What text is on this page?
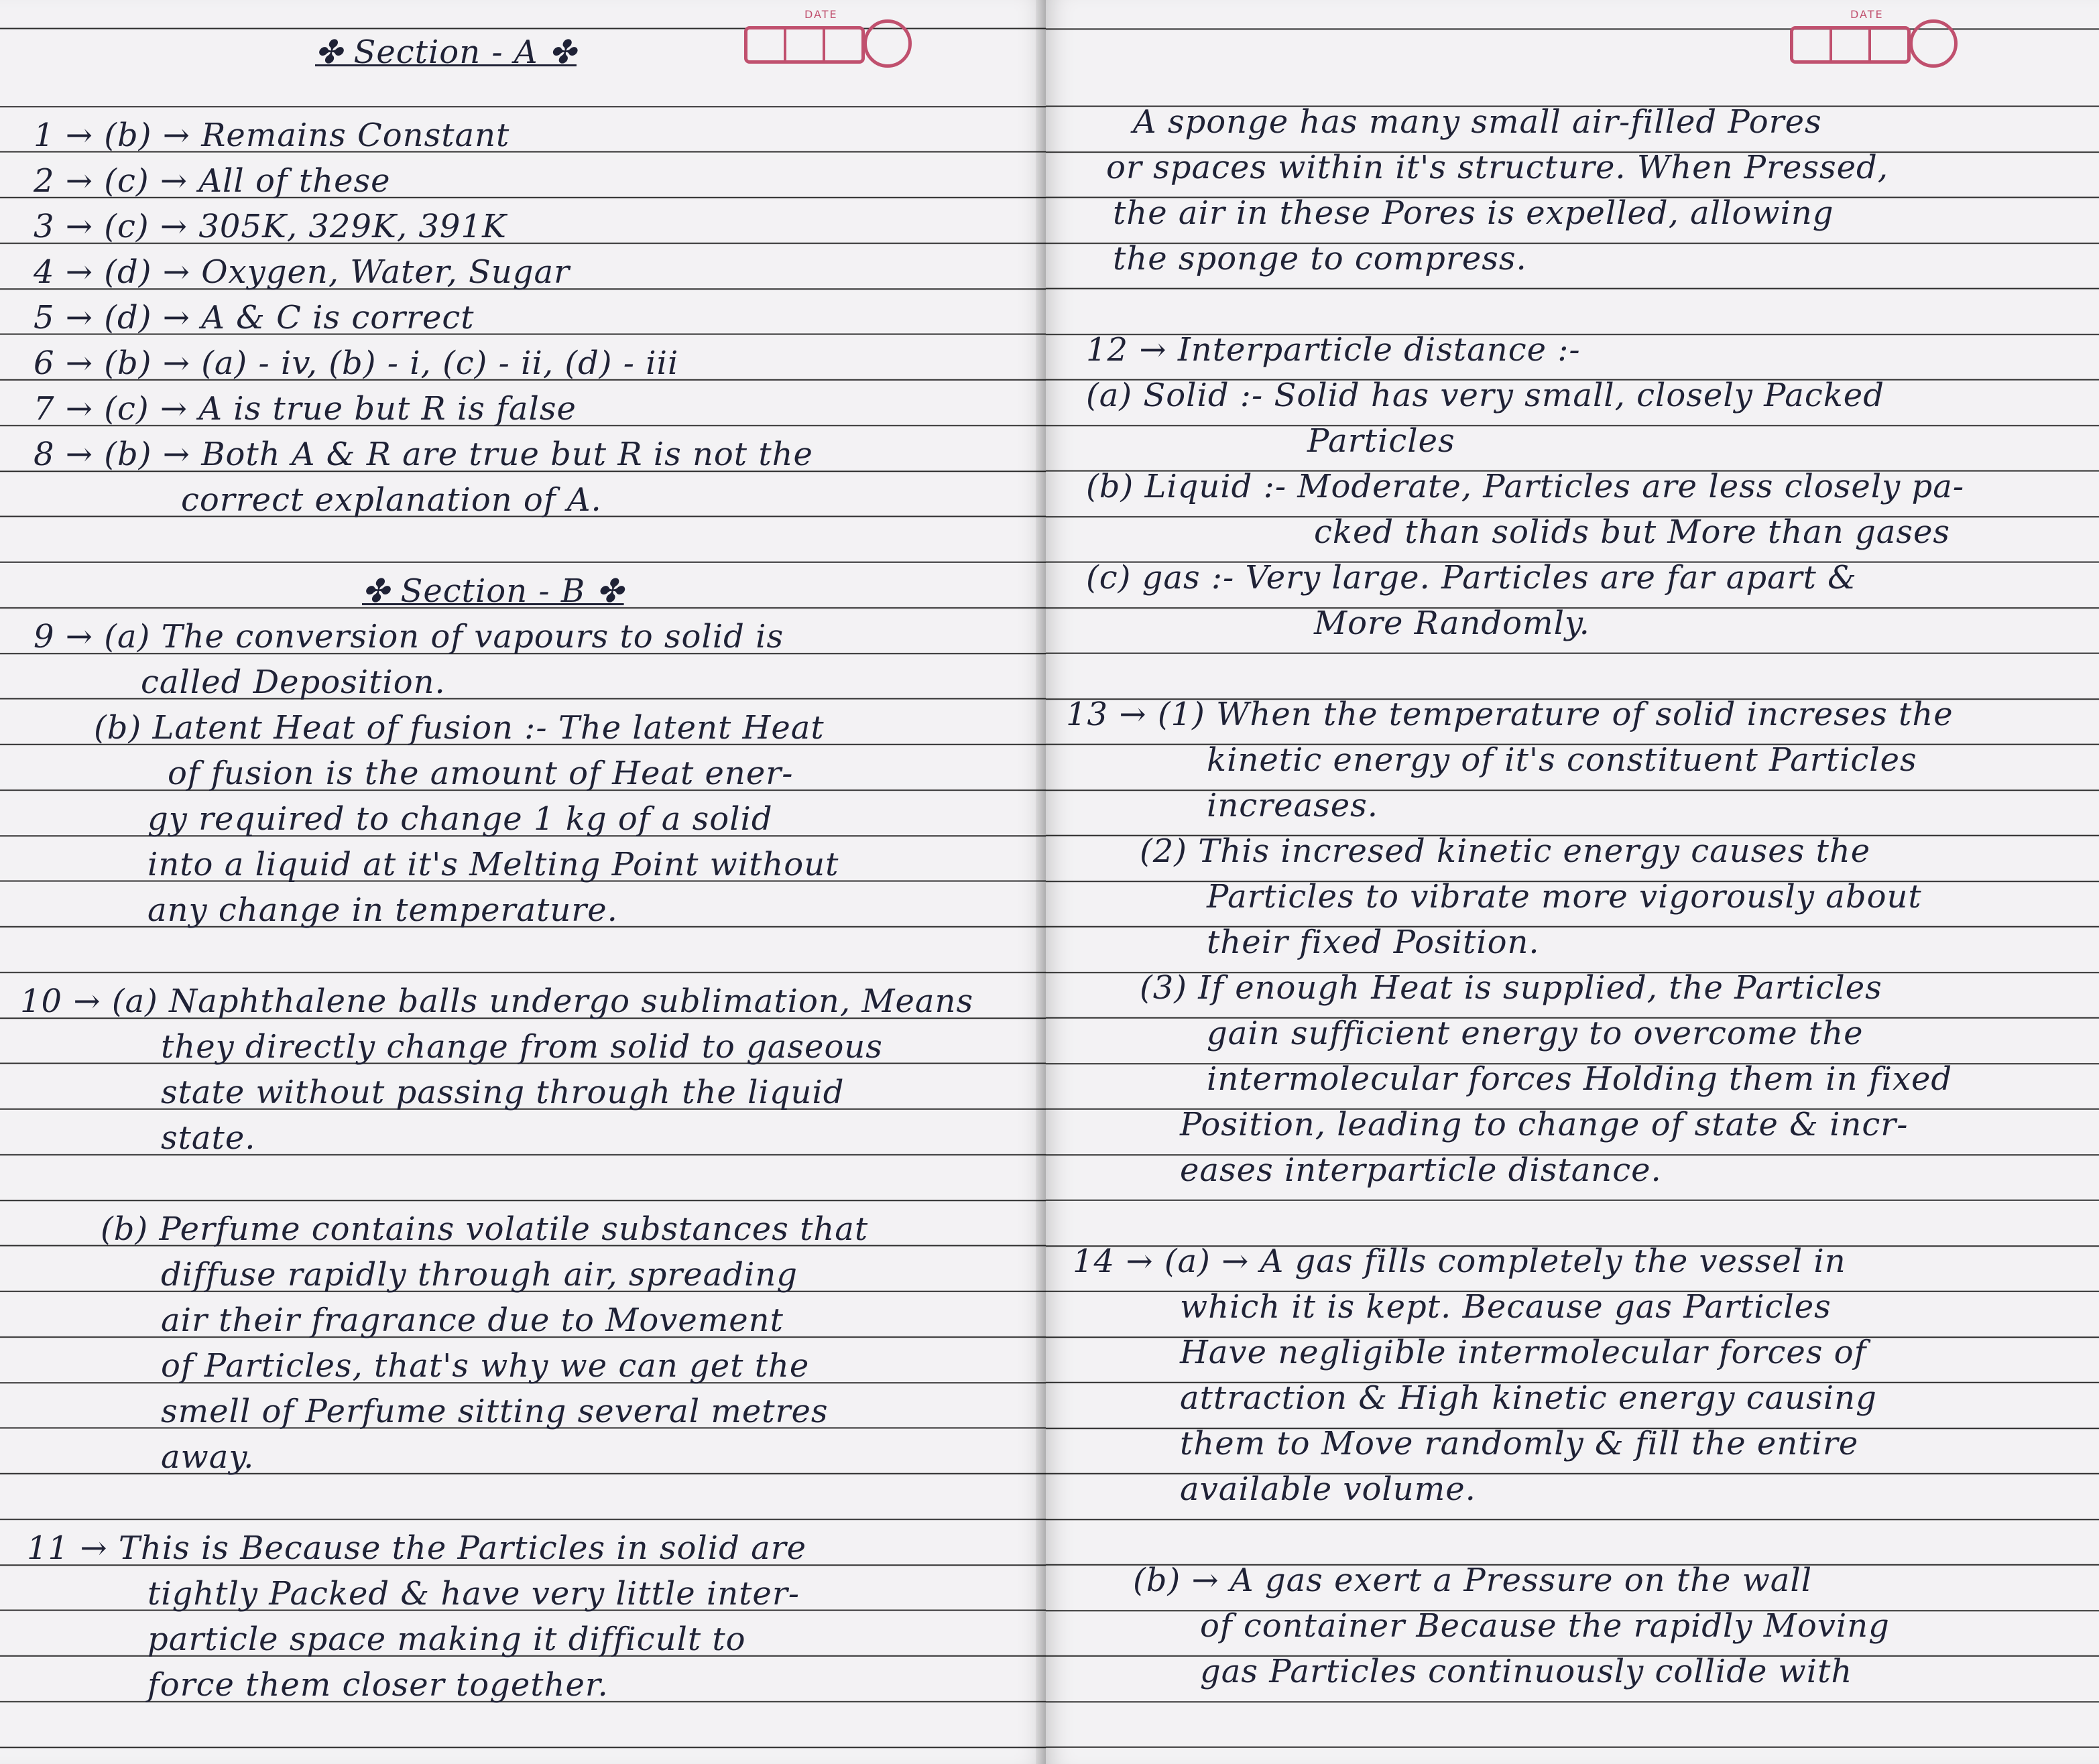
DATE
✤ Section - A ✤
1 → (b) → Remains Constant
2 → (c) → All of these
3 → (c) → 305K, 329K, 391K
4 → (d) → Oxygen, Water, Sugar
5 → (d) → A & C is correct
6 → (b) → (a) - iv, (b) - i, (c) - ii, (d) - iii
7 → (c) → A is true but R is false
8 → (b) → Both A & R are true but R is not the
correct explanation of A.
✤ Section - B ✤
9 → (a) The conversion of vapours to solid is
called Deposition.
(b) Latent Heat of fusion :- The latent Heat
of fusion is the amount of Heat ener-
gy required to change 1 kg of a solid
into a liquid at it's Melting Point without
any change in temperature.
10 → (a) Naphthalene balls undergo sublimation, Means
they directly change from solid to gaseous
state without passing through the liquid
state.
(b) Perfume contains volatile substances that
diffuse rapidly through air, spreading
air their fragrance due to Movement
of Particles, that's why we can get the
smell of Perfume sitting several metres
away.
11 → This is Because the Particles in solid are
tightly Packed & have very little inter-
particle space making it difficult to
force them closer together.
DATE
A sponge has many small air-filled Pores
or spaces within it's structure. When Pressed,
the air in these Pores is expelled, allowing
the sponge to compress.
12 → Interparticle distance :-
(a) Solid :- Solid has very small, closely Packed
Particles
(b) Liquid :- Moderate, Particles are less closely pa-
cked than solids but More than gases
(c) gas :- Very large. Particles are far apart &
More Randomly.
13 → (1) When the temperature of solid increses the
kinetic energy of it's constituent Particles
increases.
(2) This incresed kinetic energy causes the
Particles to vibrate more vigorously about
their fixed Position.
(3) If enough Heat is supplied, the Particles
gain sufficient energy to overcome the
intermolecular forces Holding them in fixed
Position, leading to change of state & incr-
eases interparticle distance.
14 → (a) → A gas fills completely the vessel in
which it is kept. Because gas Particles
Have negligible intermolecular forces of
attraction & High kinetic energy causing
them to Move randomly & fill the entire
available volume.
(b) → A gas exert a Pressure on the wall
of container Because the rapidly Moving
gas Particles continuously collide with
